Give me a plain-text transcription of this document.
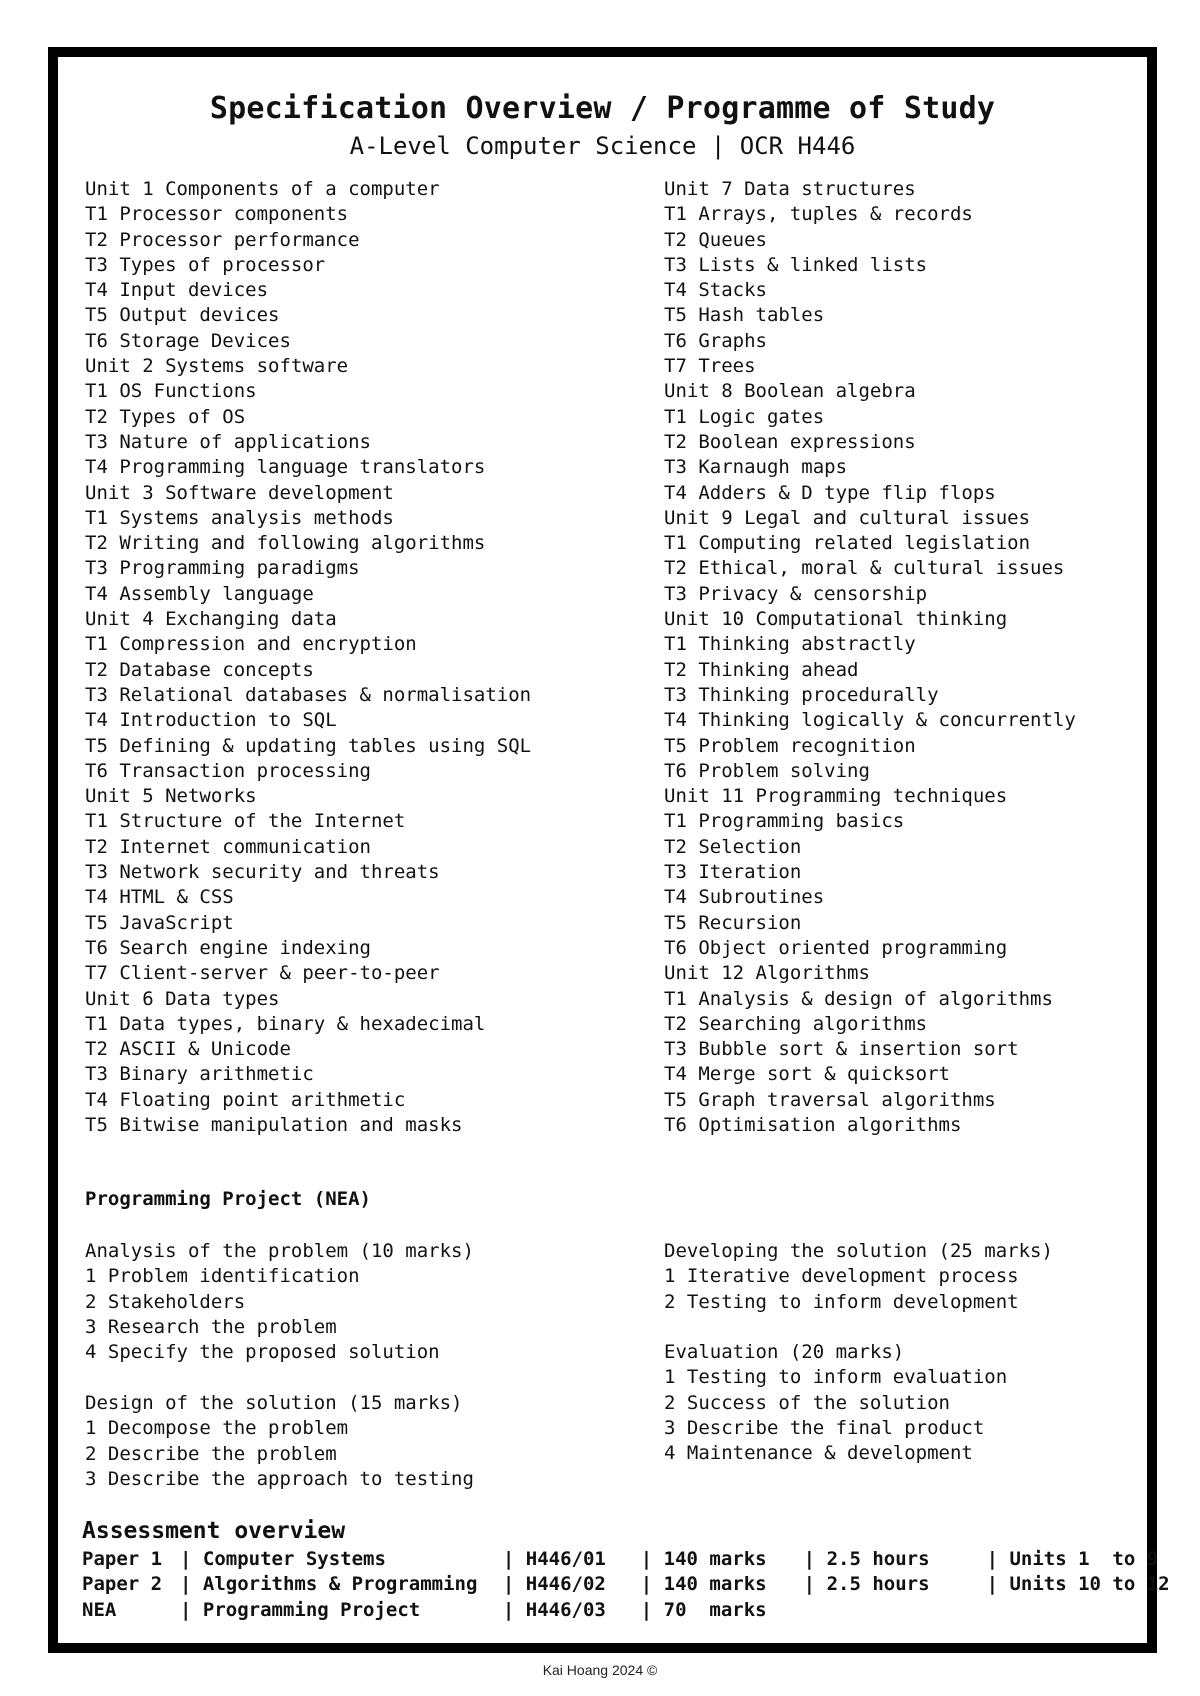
Specification Overview / Programme of Study
A-Level Computer Science | OCR H446
Unit 1 Components of a computer
T1 Processor components
T2 Processor performance
T3 Types of processor
T4 Input devices
T5 Output devices
T6 Storage Devices
Unit 2 Systems software
T1 OS Functions
T2 Types of OS
T3 Nature of applications
T4 Programming language translators
Unit 3 Software development
T1 Systems analysis methods
T2 Writing and following algorithms
T3 Programming paradigms
T4 Assembly language
Unit 4 Exchanging data
T1 Compression and encryption
T2 Database concepts
T3 Relational databases & normalisation
T4 Introduction to SQL
T5 Defining & updating tables using SQL
T6 Transaction processing
Unit 5 Networks
T1 Structure of the Internet
T2 Internet communication
T3 Network security and threats
T4 HTML & CSS
T5 JavaScript
T6 Search engine indexing
T7 Client-server & peer-to-peer
Unit 6 Data types
T1 Data types, binary & hexadecimal
T2 ASCII & Unicode
T3 Binary arithmetic
T4 Floating point arithmetic
T5 Bitwise manipulation and masks
Unit 7 Data structures
T1 Arrays, tuples & records
T2 Queues
T3 Lists & linked lists
T4 Stacks
T5 Hash tables
T6 Graphs
T7 Trees
Unit 8 Boolean algebra
T1 Logic gates
T2 Boolean expressions
T3 Karnaugh maps
T4 Adders & D type flip flops
Unit 9 Legal and cultural issues
T1 Computing related legislation
T2 Ethical, moral & cultural issues
T3 Privacy & censorship
Unit 10 Computational thinking
T1 Thinking abstractly
T2 Thinking ahead
T3 Thinking procedurally
T4 Thinking logically & concurrently
T5 Problem recognition
T6 Problem solving
Unit 11 Programming techniques
T1 Programming basics
T2 Selection
T3 Iteration
T4 Subroutines
T5 Recursion
T6 Object oriented programming
Unit 12 Algorithms
T1 Analysis & design of algorithms
T2 Searching algorithms
T3 Bubble sort & insertion sort
T4 Merge sort & quicksort
T5 Graph traversal algorithms
T6 Optimisation algorithms
Programming Project (NEA)
Analysis of the problem (10 marks)
1 Problem identification
2 Stakeholders
3 Research the problem
4 Specify the proposed solution
Design of the solution (15 marks)
1 Decompose the problem
2 Describe the problem
3 Describe the approach to testing
Developing the solution (25 marks)
1 Iterative development process
2 Testing to inform development
Evaluation (20 marks)
1 Testing to inform evaluation
2 Success of the solution
3 Describe the final product
4 Maintenance & development
Assessment overview
Paper 1 | Computer Systems	| H446/01	| 140 marks	| 2.5 hours	| Units 1  to 9
Paper 2 | Algorithms & Programming	| H446/02	| 140 marks	| 2.5 hours	| Units 10 to 12
NEA	| Programming Project	| H446/03	| 70  marks
Kai Hoang 2024 ©
